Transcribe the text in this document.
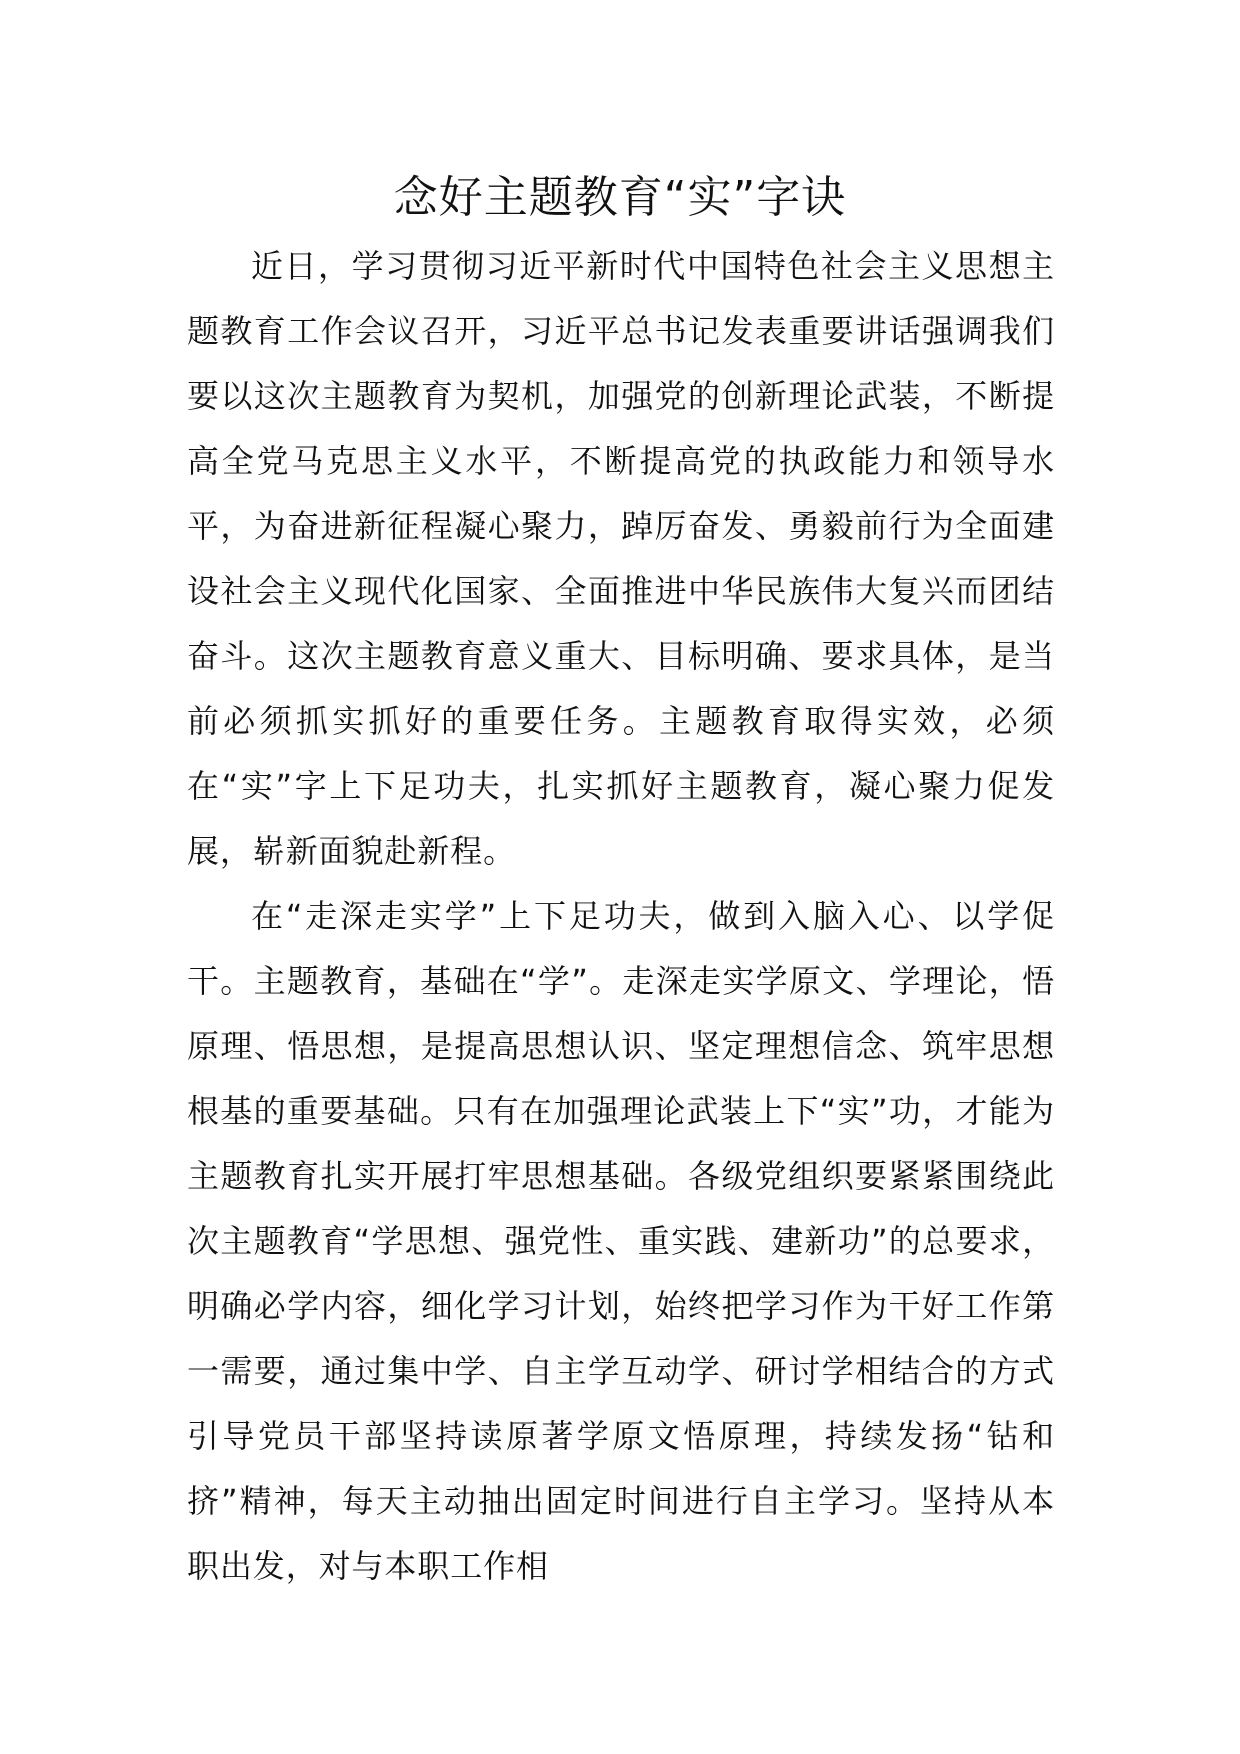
念好主题教育“实”字诀

近日，学习贯彻习近平新时代中国特色社会主义思想主题教育工作会议召开，习近平总书记发表重要讲话强调我们要以这次主题教育为契机，加强党的创新理论武装，不断提高全党马克思主义水平，不断提高党的执政能力和领导水平，为奋进新征程凝心聚力，踔厉奋发、勇毅前行为全面建设社会主义现代化国家、全面推进中华民族伟大复兴而团结奋斗。这次主题教育意义重大、目标明确、要求具体，是当前必须抓实抓好的重要任务。主题教育取得实效，必须在“实”字上下足功夫，扎实抓好主题教育，凝心聚力促发展，崭新面貌赴新程。

在“走深走实学”上下足功夫，做到入脑入心、以学促干。主题教育，基础在“学”。走深走实学原文、学理论，悟原理、悟思想，是提高思想认识、坚定理想信念、筑牢思想根基的重要基础。只有在加强理论武装上下“实”功，才能为主题教育扎实开展打牢思想基础。各级党组织要紧紧围绕此次主题教育“学思想、强党性、重实践、建新功”的总要求，明确必学内容，细化学习计划，始终把学习作为干好工作第一需要，通过集中学、自主学互动学、研讨学相结合的方式引导党员干部坚持读原著学原文悟原理，持续发扬“钻和挤”精神，每天主动抽出固定时间进行自主学习。坚持从本职出发，对与本职工作相
